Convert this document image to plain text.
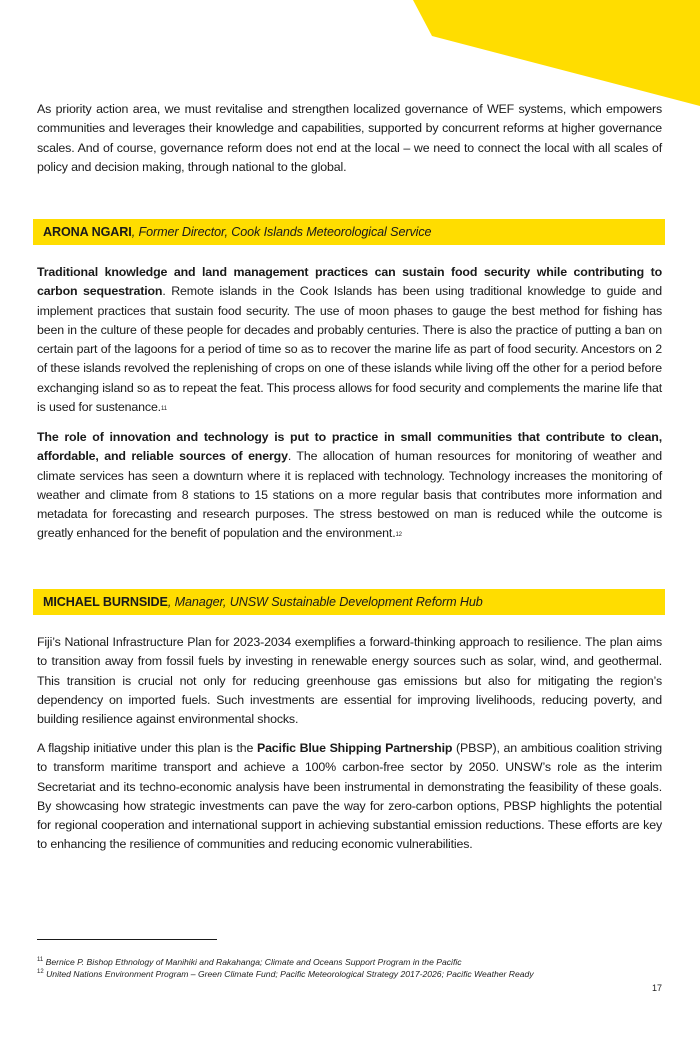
As priority action area, we must revitalise and strengthen localized governance of WEF systems, which empowers communities and leverages their knowledge and capabilities, supported by concurrent reforms at higher governance scales. And of course, governance reform does not end at the local – we need to connect the local with all scales of policy and decision making, through national to the global.

ARONA NGARI, Former Director, Cook Islands Meteorological Service

Traditional knowledge and land management practices can sustain food security while contributing to carbon sequestration. Remote islands in the Cook Islands has been using traditional knowledge to guide and implement practices that sustain food security. The use of moon phases to gauge the best method for fishing has been in the culture of these people for decades and probably centuries. There is also the practice of putting a ban on certain part of the lagoons for a period of time so as to recover the marine life as part of food security. Ancestors on 2 of these islands revolved the replenishing of crops on one of these islands while living off the other for a period before exchanging island so as to repeat the feat. This process allows for food security and complements the marine life that is used for sustenance.$^{11}$

The role of innovation and technology is put to practice in small communities that contribute to clean, affordable, and reliable sources of energy. The allocation of human resources for monitoring of weather and climate services has seen a downturn where it is replaced with technology. Technology increases the monitoring of weather and climate from 8 stations to 15 stations on a more regular basis that contributes more information and metadata for forecasting and research purposes. The stress bestowed on man is reduced while the outcome is greatly enhanced for the benefit of population and the environment.$^{12}$

MICHAEL BURNSIDE, Manager, UNSW Sustainable Development Reform Hub

Fiji’s National Infrastructure Plan for 2023-2034 exemplifies a forward-thinking approach to resilience. The plan aims to transition away from fossil fuels by investing in renewable energy sources such as solar, wind, and geothermal. This transition is crucial not only for reducing greenhouse gas emissions but also for mitigating the region’s dependency on imported fuels. Such investments are essential for improving livelihoods, reducing poverty, and building resilience against environmental shocks.

A flagship initiative under this plan is the Pacific Blue Shipping Partnership (PBSP), an ambitious coalition striving to transform maritime transport and achieve a 100% carbon-free sector by 2050. UNSW’s role as the interim Secretariat and its techno-economic analysis have been instrumental in demonstrating the feasibility of these goals. By showcasing how strategic investments can pave the way for zero-carbon options, PBSP highlights the potential for regional cooperation and international support in achieving substantial emission reductions. These efforts are key to enhancing the resilience of communities and reducing economic vulnerabilities.

$^{11}$ Bernice P. Bishop Ethnology of Manihiki and Rakahanga; Climate and Oceans Support Program in the Pacific
$^{12}$ United Nations Environment Program – Green Climate Fund; Pacific Meteorological Strategy 2017-2026; Pacific Weather Ready
17
